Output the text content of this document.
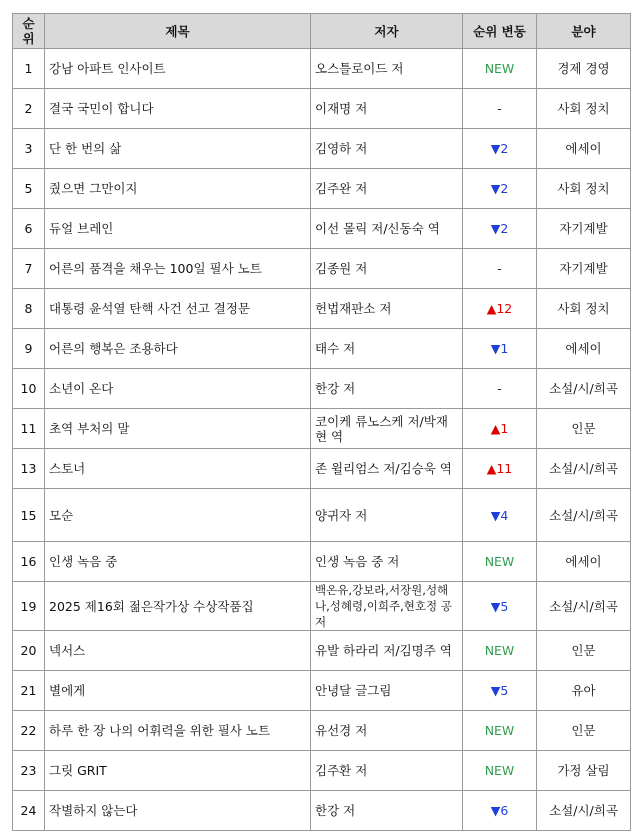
순위	제목	저자	순위 변동	분야
1	강남 아파트 인사이트	오스틀로이드 저	NEW	경제 경영
2	결국 국민이 합니다	이재명 저	-	사회 정치
3	단 한 번의 삶	김영하 저	▼2	에세이
5	줬으면 그만이지	김주완 저	▼2	사회 정치
6	듀얼 브레인	이선 몰릭 저/신동숙 역	▼2	자기계발
7	어른의 품격을 채우는 100일 필사 노트	김종원 저	-	자기계발
8	대통령 윤석열 탄핵 사건 선고 결정문	헌법재판소 저	▲12	사회 정치
9	어른의 행복은 조용하다	태수 저	▼1	에세이
10	소년이 온다	한강 저	-	소설/시/희곡
11	초역 부처의 말	코이케 류노스케 저/박재현 역	▲1	인문
13	스토너	존 윌리엄스 저/김승욱 역	▲11	소설/시/희곡
15	모순	양귀자 저	▼4	소설/시/희곡
16	인생 녹음 중	인생 녹음 중 저	NEW	에세이
19	2025 제16회 젊은작가상 수상작품집	백온유,강보라,서장원,성해나,성혜령,이희주,현호정 공저	▼5	소설/시/희곡
20	넥서스	유발 하라리 저/김명주 역	NEW	인문
21	별에게	안녕달 글그림	▼5	유아
22	하루 한 장 나의 어휘력을 위한 필사 노트	유선경 저	NEW	인문
23	그릿 GRIT	김주환 저	NEW	가정 살림
24	작별하지 않는다	한강 저	▼6	소설/시/희곡
